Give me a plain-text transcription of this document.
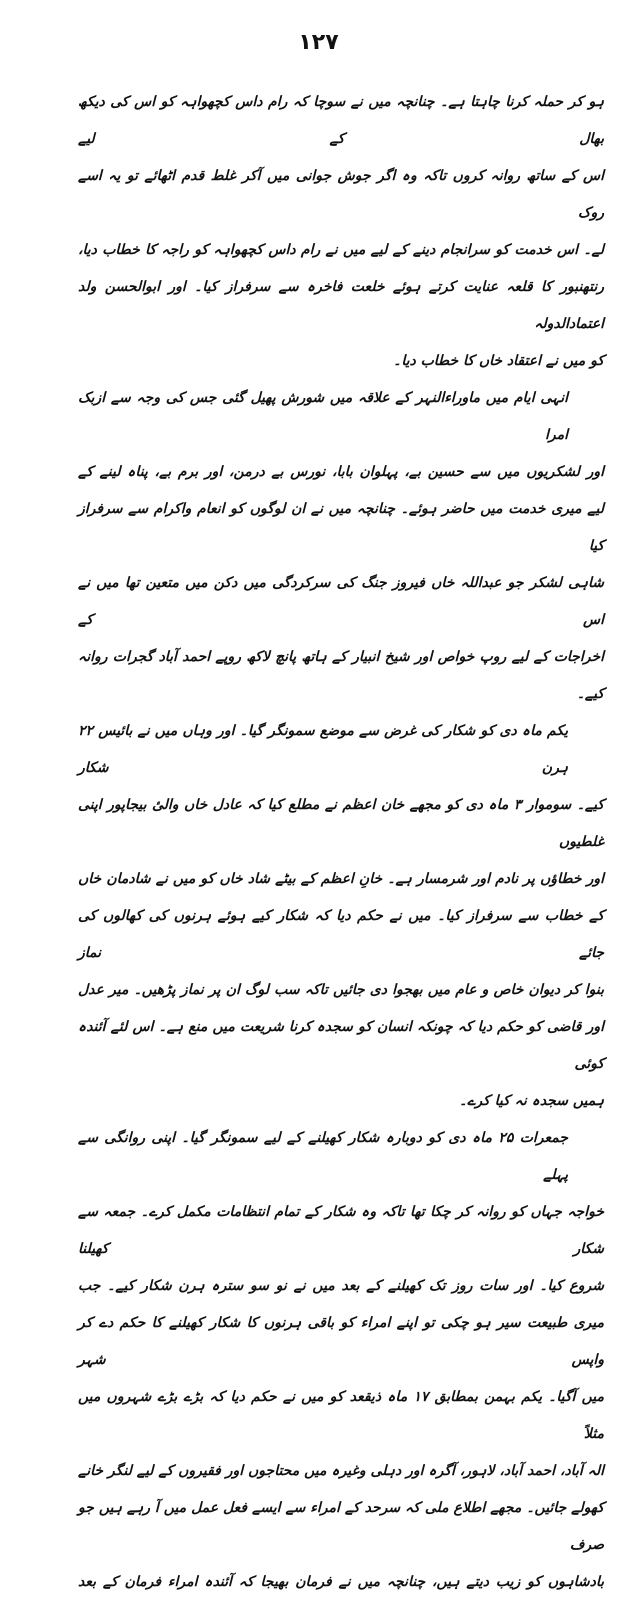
۱۲۷
ہو کر حملہ کرنا چاہتا ہے۔ چنانچہ میں نے سوچا کہ رام داس کچھواہہ کو اس کی دیکھ بھال کے لیے
اس کے ساتھ روانہ کروں تاکہ وہ اگر جوش جوانی میں آکر غلط قدم اٹھائے تو یہ اسے روک
لے۔ اس خدمت کو سرانجام دینے کے لیے میں نے رام داس کچھواہہ کو راجہ کا خطاب دیا،
رنتھنبور کا قلعہ عنایت کرتے ہوئے خلعت فاخرہ سے سرفراز کیا۔ اور ابوالحسن ولد اعتمادالدولہ
کو میں نے اعتقاد خاں کا خطاب دیا۔
انہی ایام میں ماوراءالنہر کے علاقہ میں شورش پھیل گئی جس کی وجہ سے ازبک امرا
اور لشکریوں میں سے حسین بے، پہلوان بابا، نورس بے درمن، اور برم بے، پناہ لینے کے
لیے میری خدمت میں حاضر ہوئے۔ چنانچہ میں نے ان لوگوں کو انعام واکرام سے سرفراز کیا
شاہی لشکر جو عبداللہ خاں فیروز جنگ کی سرکردگی میں دکن میں متعین تھا میں نے اس کے
اخراجات کے لیے روپ خواص اور شیخ انبیار کے ہاتھ پانچ لاکھ روپے احمد آباد گجرات روانہ کیے۔
یکم ماہ دی کو شکار کی غرض سے موضع سمونگر گیا۔ اور وہاں میں نے بائیس ۲۲ ہرن شکار
کیے۔ سوموار ۳ ماہ دی کو مجھے خان اعظم نے مطلع کیا کہ عادل خاں والیٔ بیجاپور اپنی غلطیوں
اور خطاؤں پر نادم اور شرمسار ہے۔ خانِ اعظم کے بیٹے شاد خاں کو میں نے شادمان خاں
کے خطاب سے سرفراز کیا۔ میں نے حکم دیا کہ شکار کیے ہوئے ہرنوں کی کھالوں کی جائے نماز
بنوا کر دیوان خاص و عام میں بھجوا دی جائیں تاکہ سب لوگ ان پر نماز پڑھیں۔ میر عدل
اور قاضی کو حکم دیا کہ چونکہ انسان کو سجدہ کرنا شریعت میں منع ہے۔ اس لئے آئندہ کوئی
ہمیں سجدہ نہ کیا کرے۔
جمعرات ۲۵ ماہ دی کو دوبارہ شکار کھیلنے کے لیے سمونگر گیا۔ اپنی روانگی سے پہلے
خواجہ جہاں کو روانہ کر چکا تھا تاکہ وہ شکار کے تمام انتظامات مکمل کرے۔ جمعہ سے شکار کھیلنا
شروع کیا۔ اور سات روز تک کھیلنے کے بعد میں نے نو سو سترہ ہرن شکار کیے۔ جب
میری طبیعت سیر ہو چکی تو اپنے امراء کو باقی ہرنوں کا شکار کھیلنے کا حکم دے کر واپس شہر
میں آگیا۔ یکم بہمن بمطابق ۱۷ ماہ ذیقعد کو میں نے حکم دیا کہ بڑے بڑے شہروں میں مثلاً
الہ آباد، احمد آباد، لاہور، آگرہ اور دہلی وغیرہ میں محتاجوں اور فقیروں کے لیے لنگر خانے
کھولے جائیں۔ مجھے اطلاع ملی کہ سرحد کے امراء سے ایسے فعل عمل میں آ رہے ہیں جو صرف
بادشاہوں کو زیب دیتے ہیں، چنانچہ میں نے فرمان بھیجا کہ آئندہ امراء فرمان کے بعد
